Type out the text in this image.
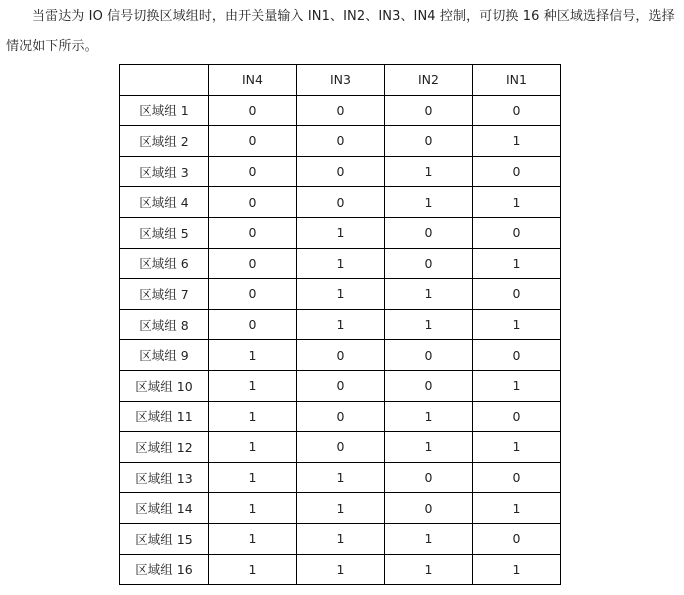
当雷达为 IO 信号切换区域组时，由开关量输入 IN1、IN2、IN3、IN4 控制，可切换 16 种区域选择信号，选择情况如下所示。

	IN4	IN3	IN2	IN1
区域组 1	0	0	0	0
区域组 2	0	0	0	1
区域组 3	0	0	1	0
区域组 4	0	0	1	1
区域组 5	0	1	0	0
区域组 6	0	1	0	1
区域组 7	0	1	1	0
区域组 8	0	1	1	1
区域组 9	1	0	0	0
区域组 10	1	0	0	1
区域组 11	1	0	1	0
区域组 12	1	0	1	1
区域组 13	1	1	0	0
区域组 14	1	1	0	1
区域组 15	1	1	1	0
区域组 16	1	1	1	1
